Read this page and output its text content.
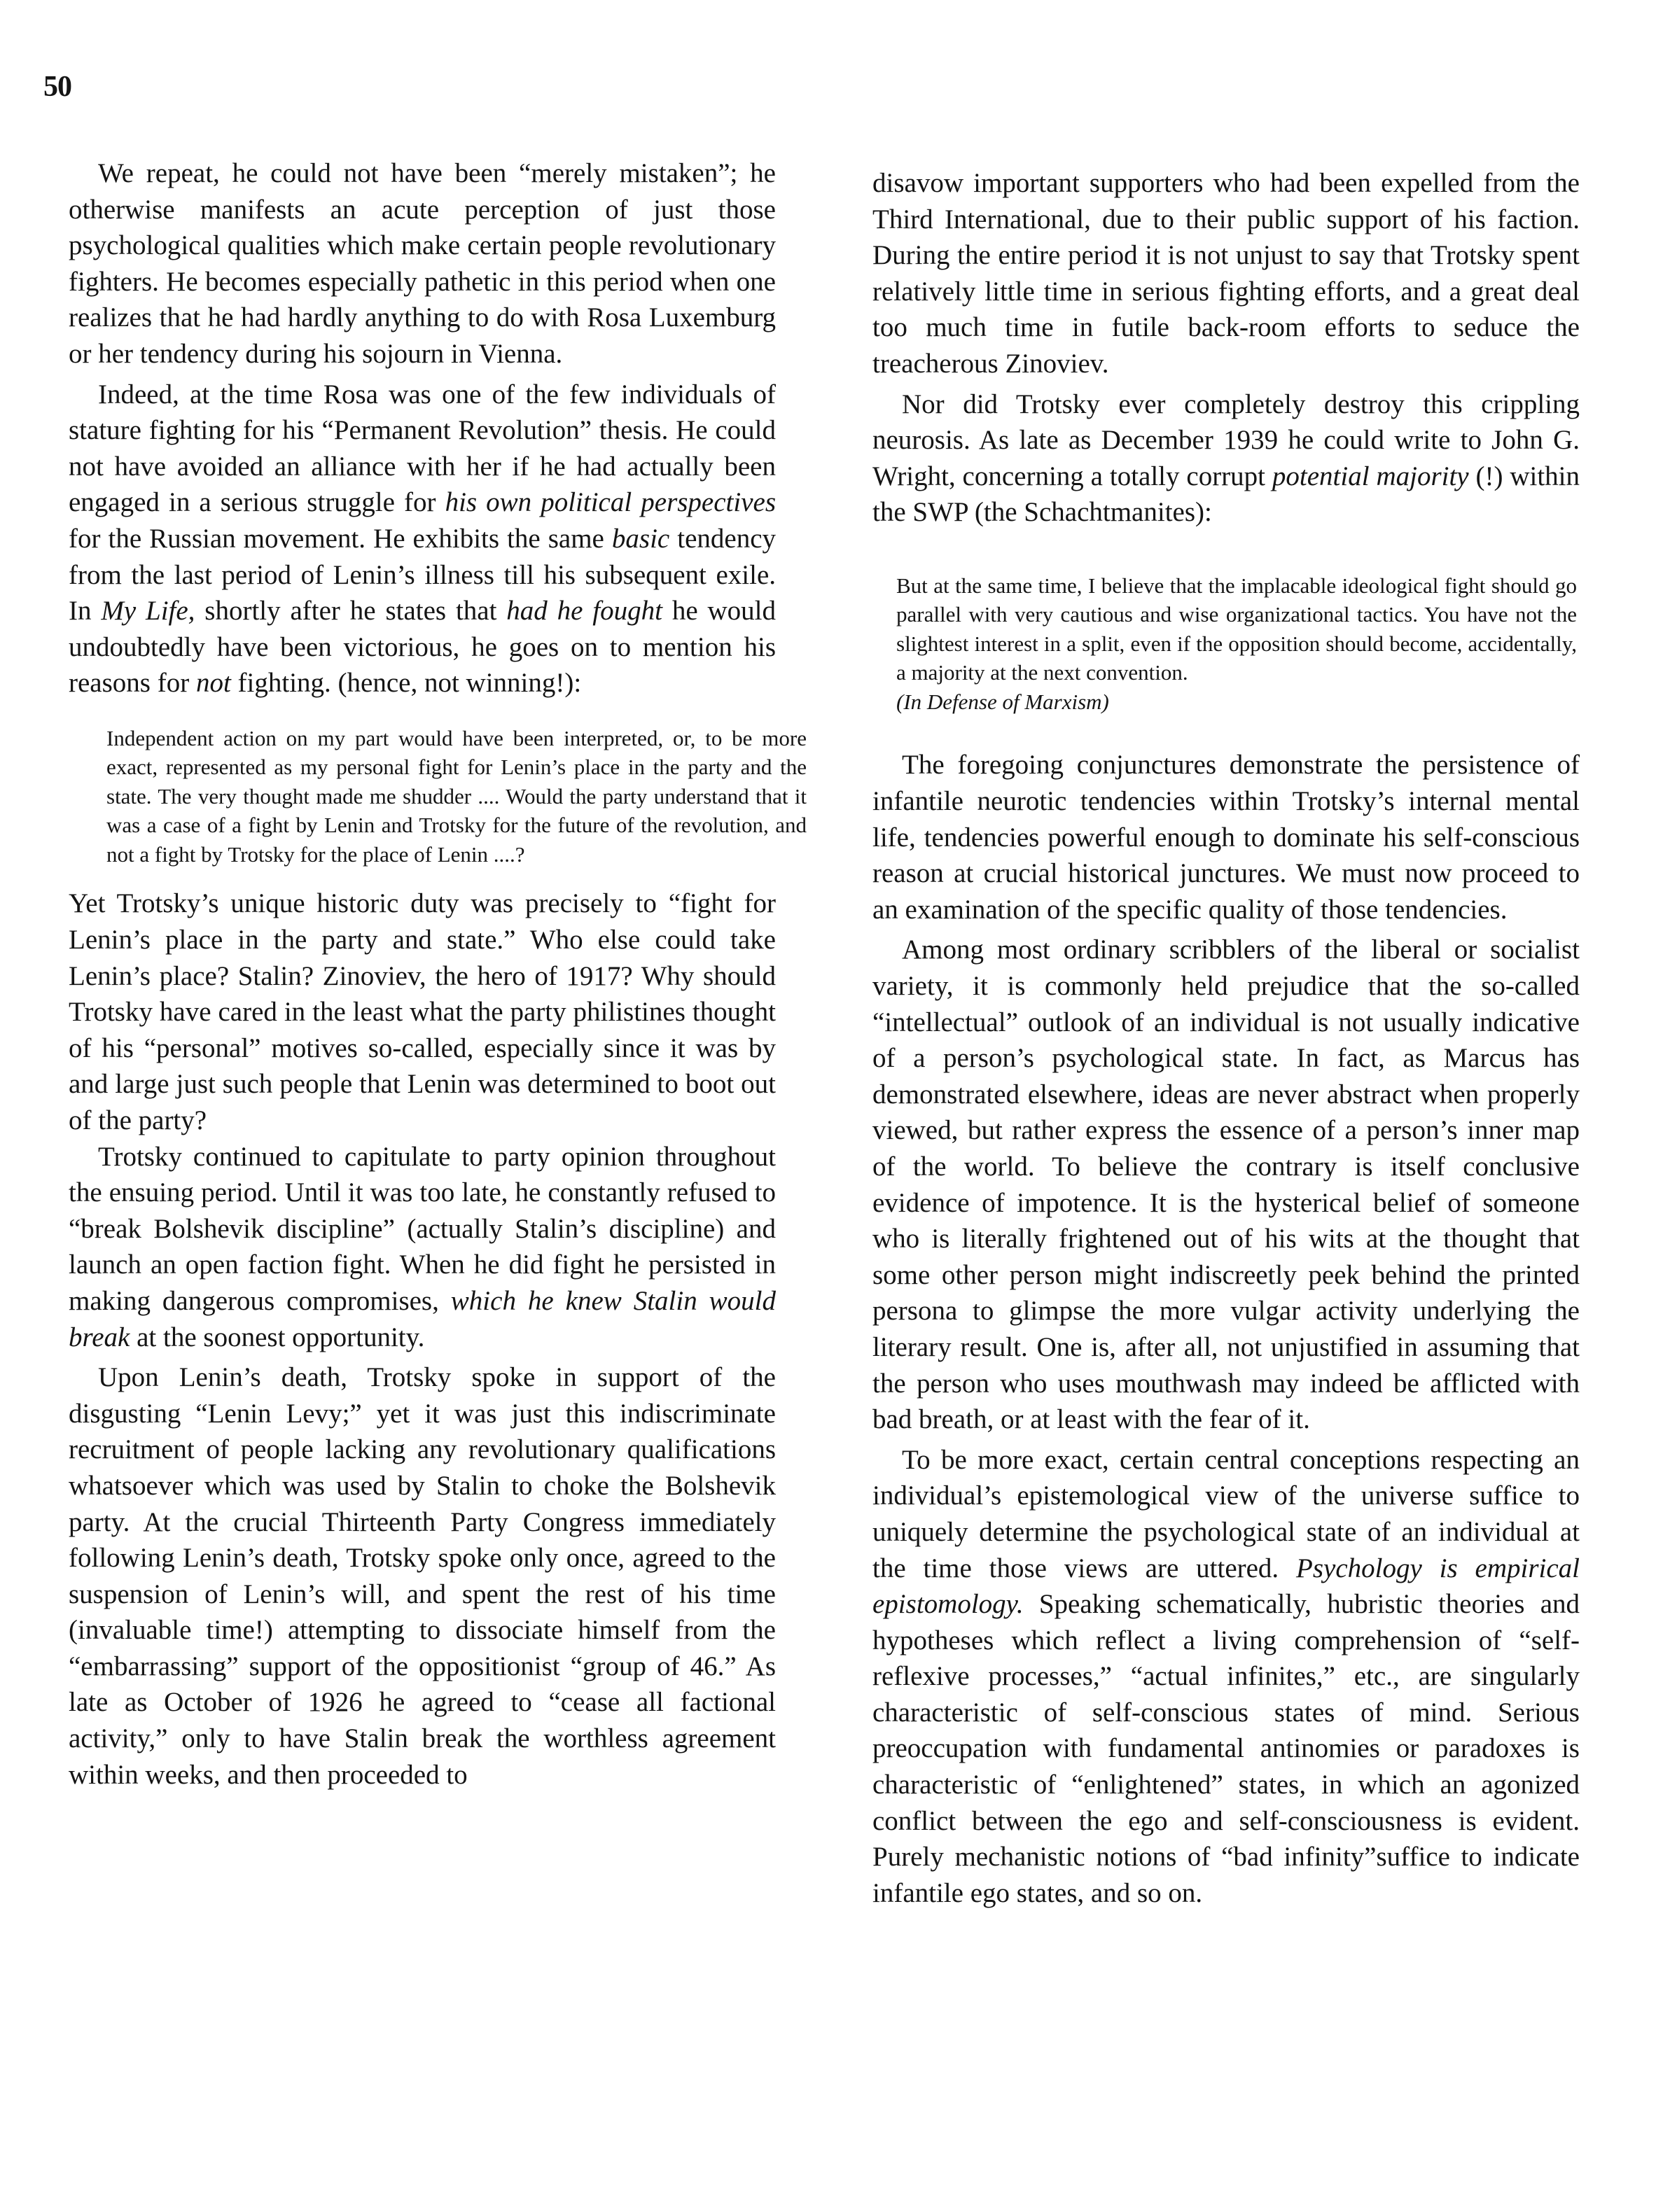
50

We repeat, he could not have been “merely mistaken”; he otherwise manifests an acute perception of just those psychological qualities which make certain people revolutionary fighters. He becomes especially pathetic in this period when one realizes that he had hardly anything to do with Rosa Luxemburg or her tendency during his sojourn in Vienna.

Indeed, at the time Rosa was one of the few individuals of stature fighting for his “Permanent Revolution” thesis. He could not have avoided an alliance with her if he had actually been engaged in a serious struggle for his own political perspectives for the Russian movement. He exhibits the same basic tendency from the last period of Lenin’s illness till his subsequent exile. In My Life, shortly after he states that had he fought he would undoubtedly have been victorious, he goes on to mention his reasons for not fighting. (hence, not winning!):

Independent action on my part would have been interpreted, or, to be more exact, represented as my personal fight for Lenin’s place in the party and the state. The very thought made me shudder .... Would the party understand that it was a case of a fight by Lenin and Trotsky for the future of the revolution, and not a fight by Trotsky for the place of Lenin ....?

Yet Trotsky’s unique historic duty was precisely to “fight for Lenin’s place in the party and state.” Who else could take Lenin’s place? Stalin? Zinoviev, the hero of 1917? Why should Trotsky have cared in the least what the party philistines thought of his “personal” motives so-called, especially since it was by and large just such people that Lenin was determined to boot out of the party?

Trotsky continued to capitulate to party opinion throughout the ensuing period. Until it was too late, he constantly refused to “break Bolshevik discipline” (actually Stalin’s discipline) and launch an open faction fight. When he did fight he persisted in making dangerous compromises, which he knew Stalin would break at the soonest opportunity.

Upon Lenin’s death, Trotsky spoke in support of the disgusting “Lenin Levy;” yet it was just this indiscriminate recruitment of people lacking any revolutionary qualifications whatsoever which was used by Stalin to choke the Bolshevik party. At the crucial Thirteenth Party Congress immediately following Lenin’s death, Trotsky spoke only once, agreed to the suspension of Lenin’s will, and spent the rest of his time (invaluable time!) attempting to dissociate himself from the “embarrassing” support of the oppositionist “group of 46.” As late as October of 1926 he agreed to “cease all factional activity,” only to have Stalin break the worthless agreement within weeks, and then proceeded to

disavow important supporters who had been expelled from the Third International, due to their public support of his faction. During the entire period it is not unjust to say that Trotsky spent relatively little time in serious fighting efforts, and a great deal too much time in futile back-room efforts to seduce the treacherous Zinoviev.

Nor did Trotsky ever completely destroy this crippling neurosis. As late as December 1939 he could write to John G. Wright, concerning a totally corrupt potential majority (!) within the SWP (the Schachtmanites):

But at the same time, I believe that the implacable ideological fight should go parallel with very cautious and wise organizational tactics. You have not the slightest interest in a split, even if the opposition should become, accidentally, a majority at the next convention.
(In Defense of Marxism)

The foregoing conjunctures demonstrate the persistence of infantile neurotic tendencies within Trotsky’s internal mental life, tendencies powerful enough to dominate his self-conscious reason at crucial historical junctures. We must now proceed to an examination of the specific quality of those tendencies.

Among most ordinary scribblers of the liberal or socialist variety, it is commonly held prejudice that the so-called “intellectual” outlook of an individual is not usually indicative of a person’s psychological state. In fact, as Marcus has demonstrated elsewhere, ideas are never abstract when properly viewed, but rather express the essence of a person’s inner map of the world. To believe the contrary is itself conclusive evidence of impotence. It is the hysterical belief of someone who is literally frightened out of his wits at the thought that some other person might indiscreetly peek behind the printed persona to glimpse the more vulgar activity underlying the literary result. One is, after all, not unjustified in assuming that the person who uses mouthwash may indeed be afflicted with bad breath, or at least with the fear of it.

To be more exact, certain central conceptions respecting an individual’s epistemological view of the universe suffice to uniquely determine the psychological state of an individual at the time those views are uttered. Psychology is empirical epistomology. Speaking schematically, hubristic theories and hypotheses which reflect a living comprehension of “self-reflexive processes,” “actual infinites,” etc., are singularly characteristic of self-conscious states of mind. Serious preoccupation with fundamental antinomies or paradoxes is characteristic of “enlightened” states, in which an agonized conflict between the ego and self-consciousness is evident. Purely mechanistic notions of “bad infinity”suffice to indicate infantile ego states, and so on.
